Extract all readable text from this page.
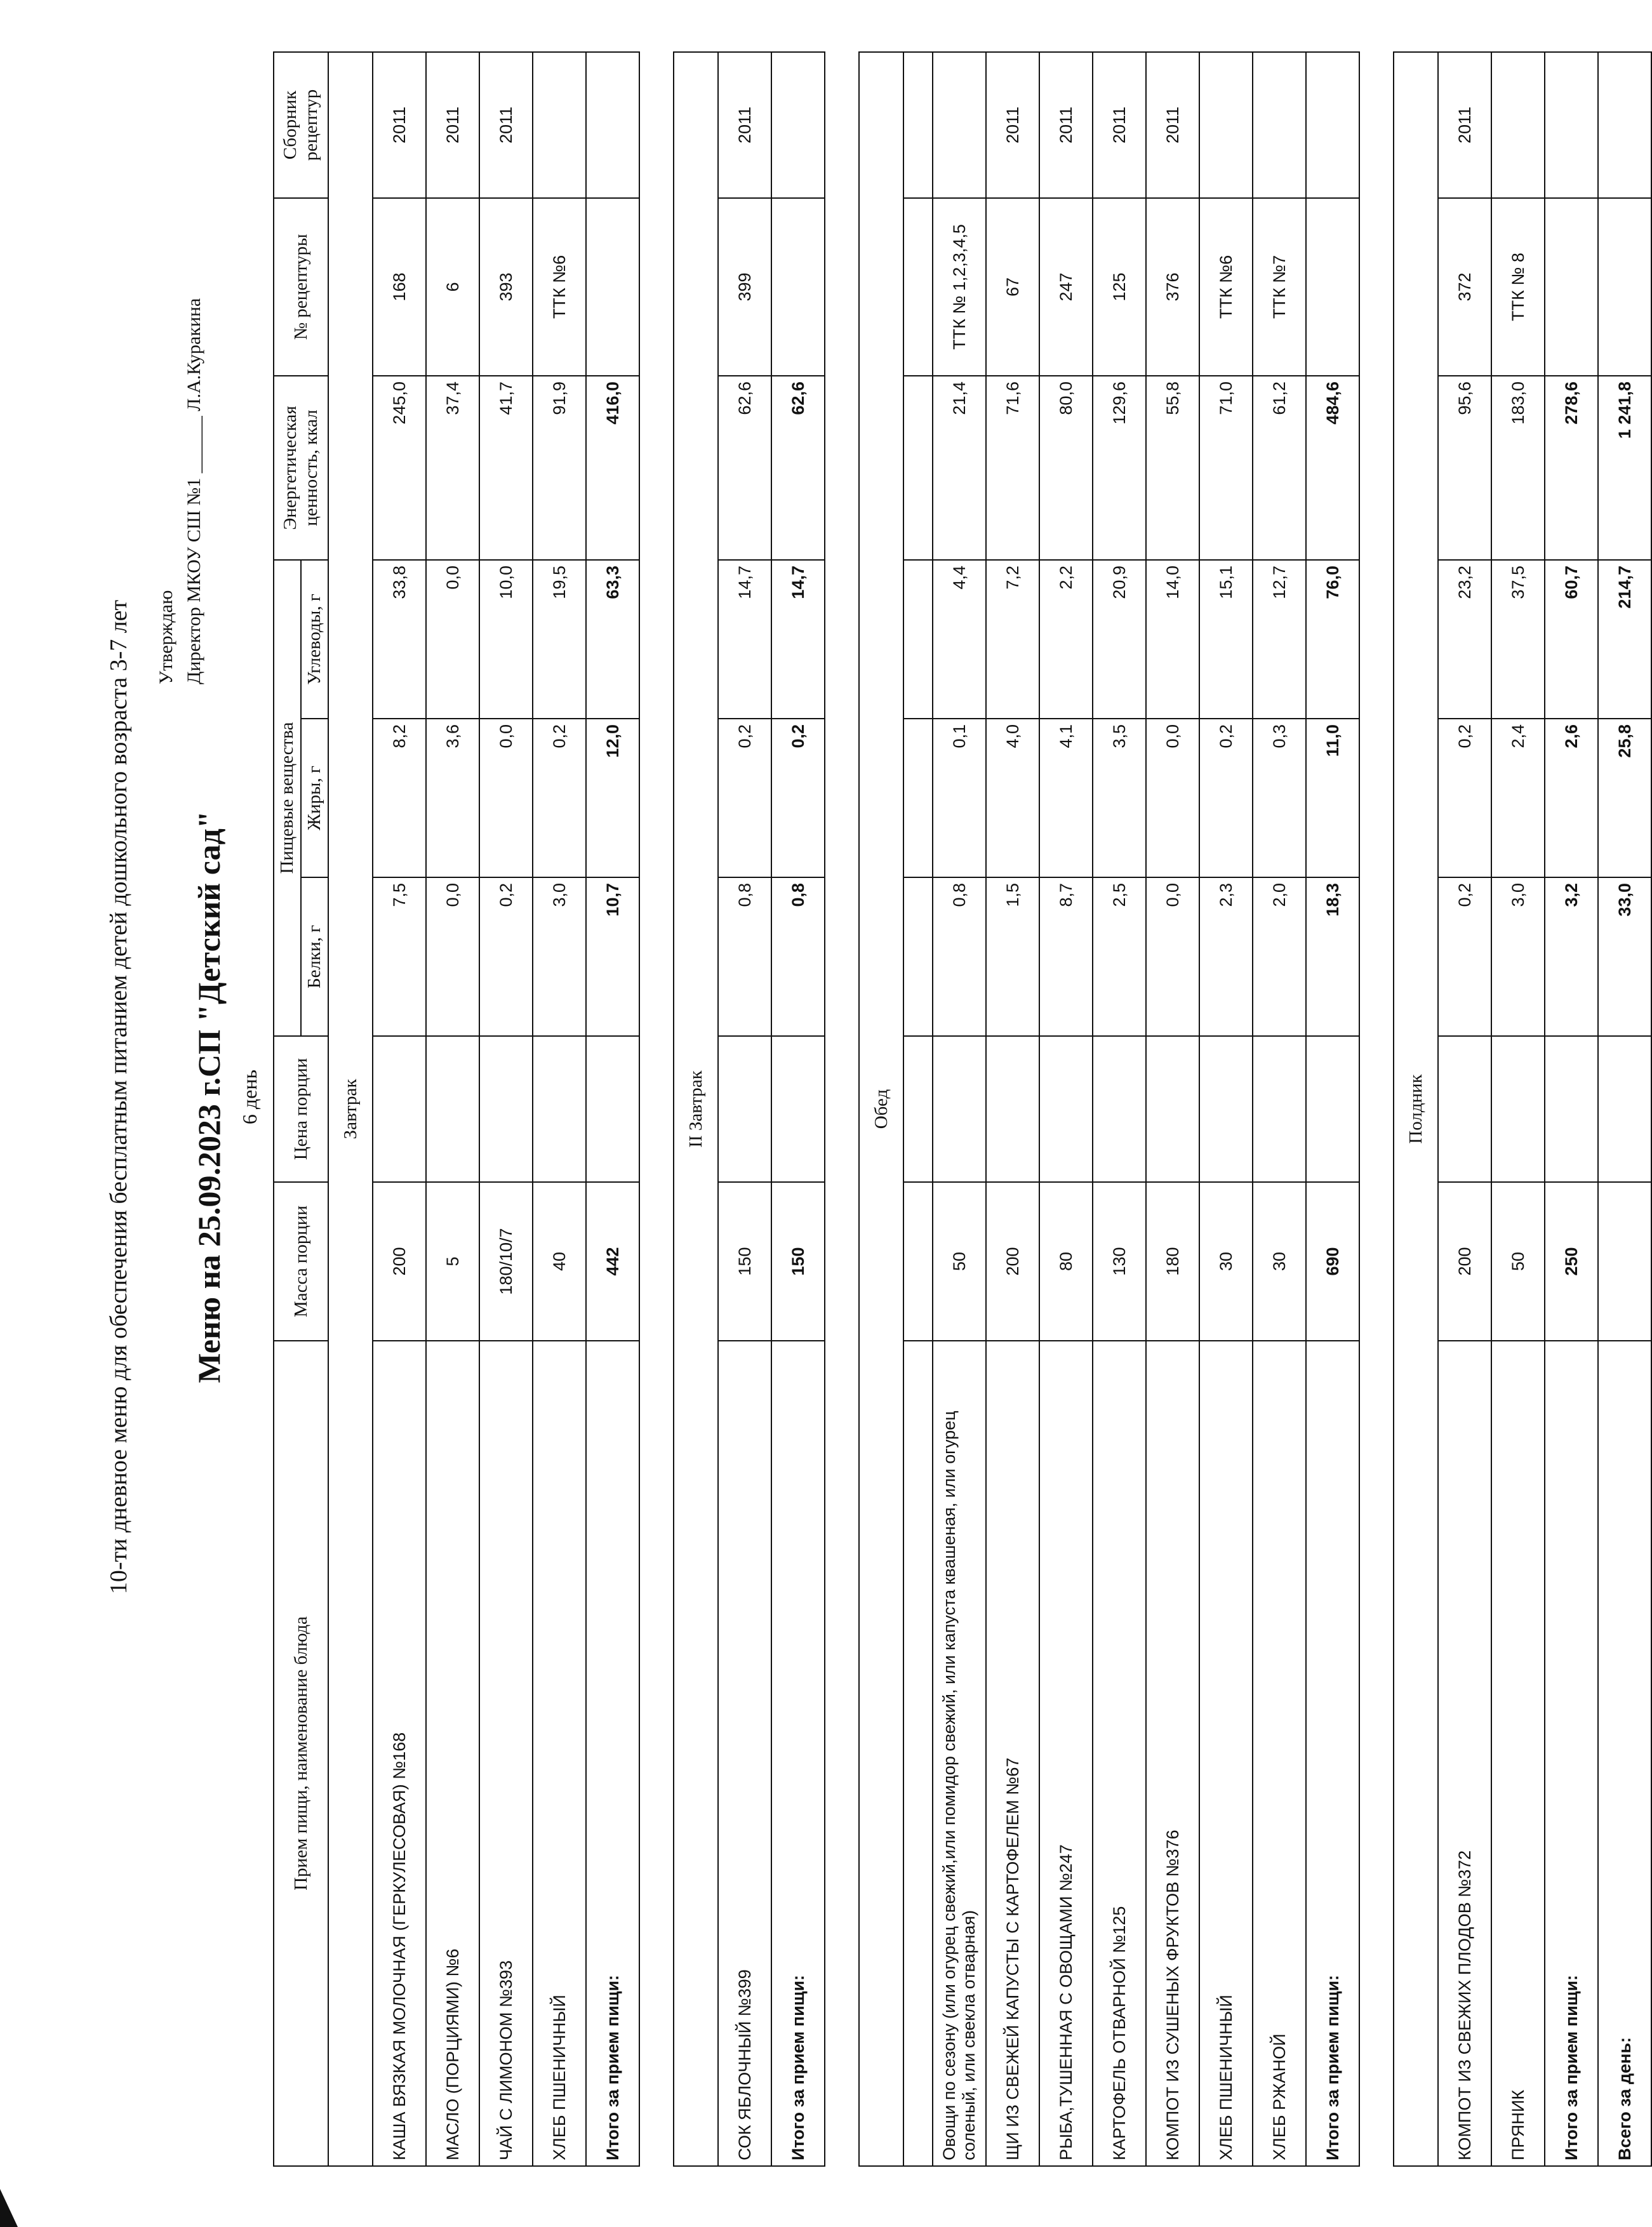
10-ти дневное меню для обеспечения бесплатным питанием детей дошкольного возраста 3-7 лет Утверждаю Директор МКОУ СШ №1 ______ Л.А.Куракина
Меню на 25.09.2023 г.СП "Детский сад" 6 день
Прием пищи, наименование блюда	Масса порции	Цена порции	Пищевые вещества			Энергетическая ценность, ккал	№ рецептуры	Сборник рецептур
			Белки, г	Жиры, г	Углеводы, г			
Завтрак								
КАША ВЯЗКАЯ МОЛОЧНАЯ (ГЕРКУЛЕСОВАЯ) №168	200		7,5	8,2	33,8	245,0	168	2011
МАСЛО (ПОРЦИЯМИ) №6	5		0,0	3,6	0,0	37,4	6	2011
ЧАЙ С ЛИМОНОМ №393	180/10/7		0,2	0,0	10,0	41,7	393	2011
ХЛЕБ ПШЕНИЧНЫЙ	40		3,0	0,2	19,5	91,9	ТТК №6	
Итого за прием пищи:	442		10,7	12,0	63,3	416,0		

II Завтрак								
СОК ЯБЛОЧНЫЙ №399	150		0,8	0,2	14,7	62,6	399	2011
Итого за прием пищи:	150		0,8	0,2	14,7	62,6		

Обед								

Овощи по сезону (или огурец свежий,или помидор свежий, или капуста квашеная, или огурец соленый, или свекла отварная)	50		0,8	0,1	4,4	21,4	ТТК № 1,2,3,4,5	
ЩИ ИЗ СВЕЖЕЙ КАПУСТЫ С КАРТОФЕЛЕМ №67	200		1,5	4,0	7,2	71,6	67	2011
РЫБА,ТУШЕННАЯ С ОВОЩАМИ №247	80		8,7	4,1	2,2	80,0	247	2011
КАРТОФЕЛЬ ОТВАРНОЙ №125	130		2,5	3,5	20,9	129,6	125	2011
КОМПОТ ИЗ СУШЕНЫХ ФРУКТОВ №376	180		0,0	0,0	14,0	55,8	376	2011
ХЛЕБ ПШЕНИЧНЫЙ	30		2,3	0,2	15,1	71,0	ТТК №6	
ХЛЕБ РЖАНОЙ	30		2,0	0,3	12,7	61,2	ТТК №7	
Итого за прием пищи:	690		18,3	11,0	76,0	484,6		

Полдник								
КОМПОТ ИЗ СВЕЖИХ ПЛОДОВ №372	200		0,2	0,2	23,2	95,6	372	2011
ПРЯНИК	50		3,0	2,4	37,5	183,0	ТТК № 8	
Итого за прием пищи:	250		3,2	2,6	60,7	278,6		
Всего за день:			33,0	25,8	214,7	1 241,8		
